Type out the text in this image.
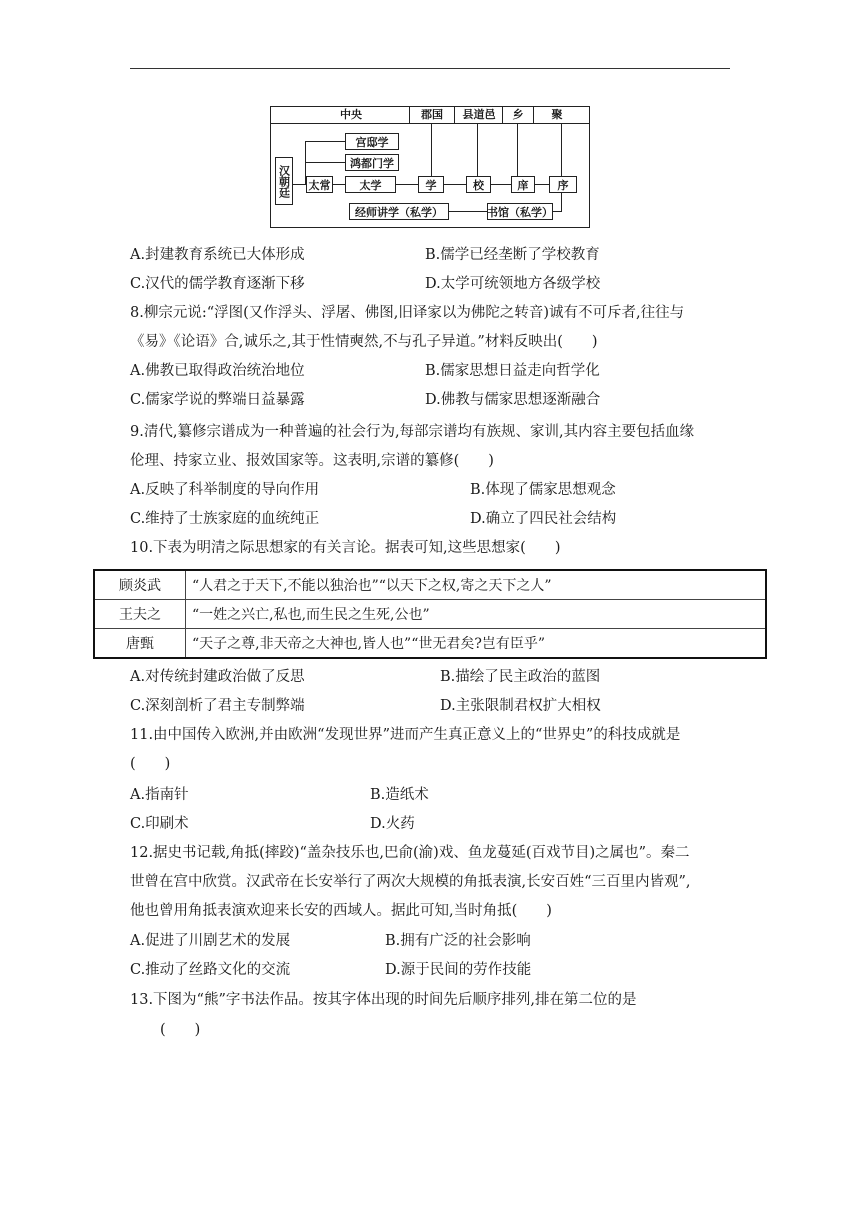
中央	郡国	县道邑	乡	聚
汉朝廷 太常
宫邸学
鸿都门学
太学	学	校	庠	序
经师讲学（私学）	书馆（私学）
A.封建教育系统已大体形成	B.儒学已经垄断了学校教育
C.汉代的儒学教育逐渐下移	D.太学可统领地方各级学校
8.柳宗元说:“浮图(又作浮头、浮屠、佛图,旧译家以为佛陀之转音)诚有不可斥者,往往与
《易》《论语》合,诚乐之,其于性情奭然,不与孔子异道。”材料反映出(　　)
A.佛教已取得政治统治地位	B.儒家思想日益走向哲学化
C.儒家学说的弊端日益暴露	D.佛教与儒家思想逐渐融合
9.清代,纂修宗谱成为一种普遍的社会行为,每部宗谱均有族规、家训,其内容主要包括血缘
伦理、持家立业、报效国家等。这表明,宗谱的纂修(　　)
A.反映了科举制度的导向作用	B.体现了儒家思想观念
C.维持了士族家庭的血统纯正	D.确立了四民社会结构
10.下表为明清之际思想家的有关言论。据表可知,这些思想家(　　)
顾炎武	“人君之于天下,不能以独治也”“以天下之权,寄之天下之人”
王夫之	“一姓之兴亡,私也,而生民之生死,公也”
唐甄	“天子之尊,非天帝之大神也,皆人也”“世无君矣?岂有臣乎”
A.对传统封建政治做了反思	B.描绘了民主政治的蓝图
C.深刻剖析了君主专制弊端	D.主张限制君权扩大相权
11.由中国传入欧洲,并由欧洲“发现世界”进而产生真正意义上的“世界史”的科技成就是
(　　)
A.指南针	B.造纸术
C.印刷术	D.火药
12.据史书记载,角抵(摔跤)“盖杂技乐也,巴俞(渝)戏、鱼龙蔓延(百戏节目)之属也”。秦二
世曾在宫中欣赏。汉武帝在长安举行了两次大规模的角抵表演,长安百姓“三百里内皆观”,
他也曾用角抵表演欢迎来长安的西域人。据此可知,当时角抵(　　)
A.促进了川剧艺术的发展	B.拥有广泛的社会影响
C.推动了丝路文化的交流	D.源于民间的劳作技能
13.下图为“熊”字书法作品。按其字体出现的时间先后顺序排列,排在第二位的是
(　　)
